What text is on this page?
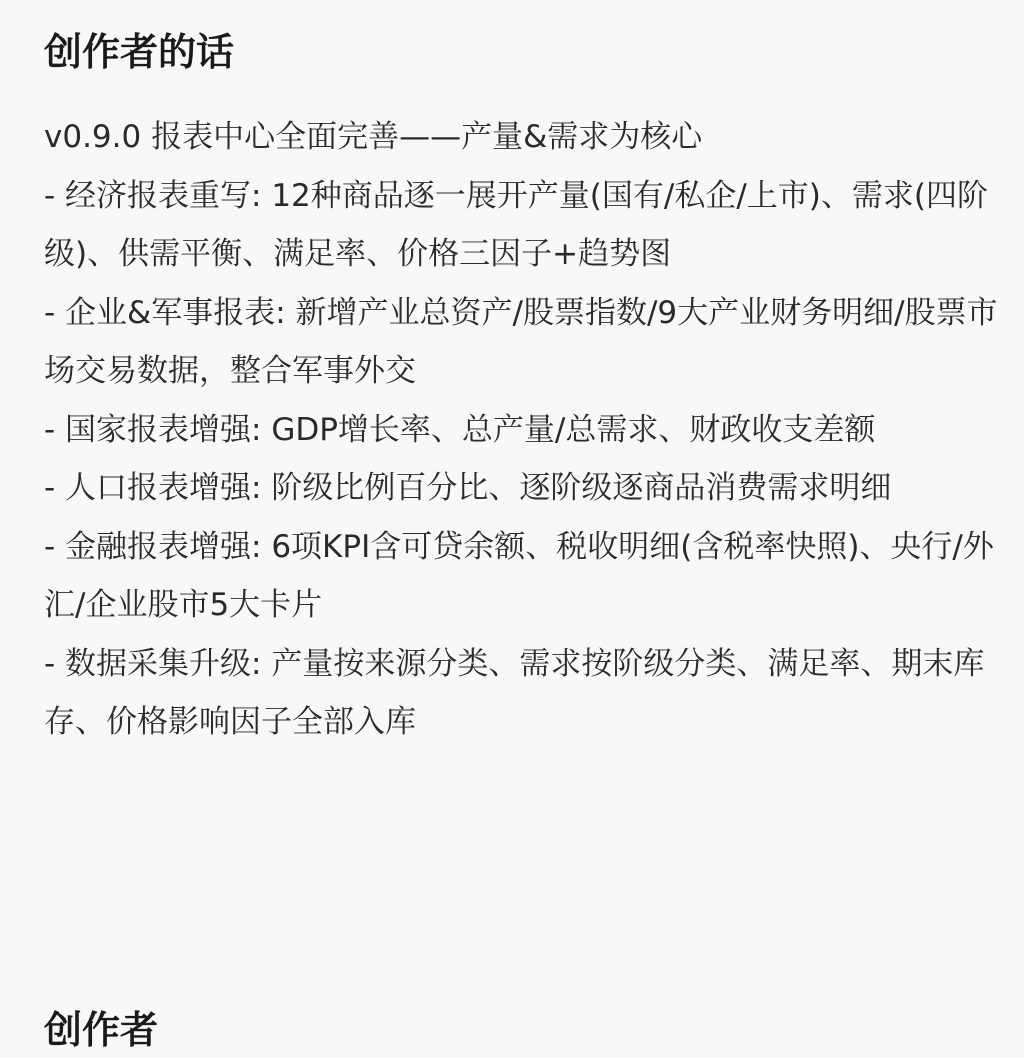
创作者的话
v0.9.0 报表中心全面完善——产量&需求为核心
- 经济报表重写: 12种商品逐一展开产量(国有/私企/上市)、需求(四阶级)、供需平衡、满足率、价格三因子+趋势图
- 企业&军事报表: 新增产业总资产/股票指数/9大产业财务明细/股票市场交易数据，整合军事外交
- 国家报表增强: GDP增长率、总产量/总需求、财政收支差额
- 人口报表增强: 阶级比例百分比、逐阶级逐商品消费需求明细
- 金融报表增强: 6项KPI含可贷余额、税收明细(含税率快照)、央行/外汇/企业股市5大卡片
- 数据采集升级: 产量按来源分类、需求按阶级分类、满足率、期末库存、价格影响因子全部入库
创作者
